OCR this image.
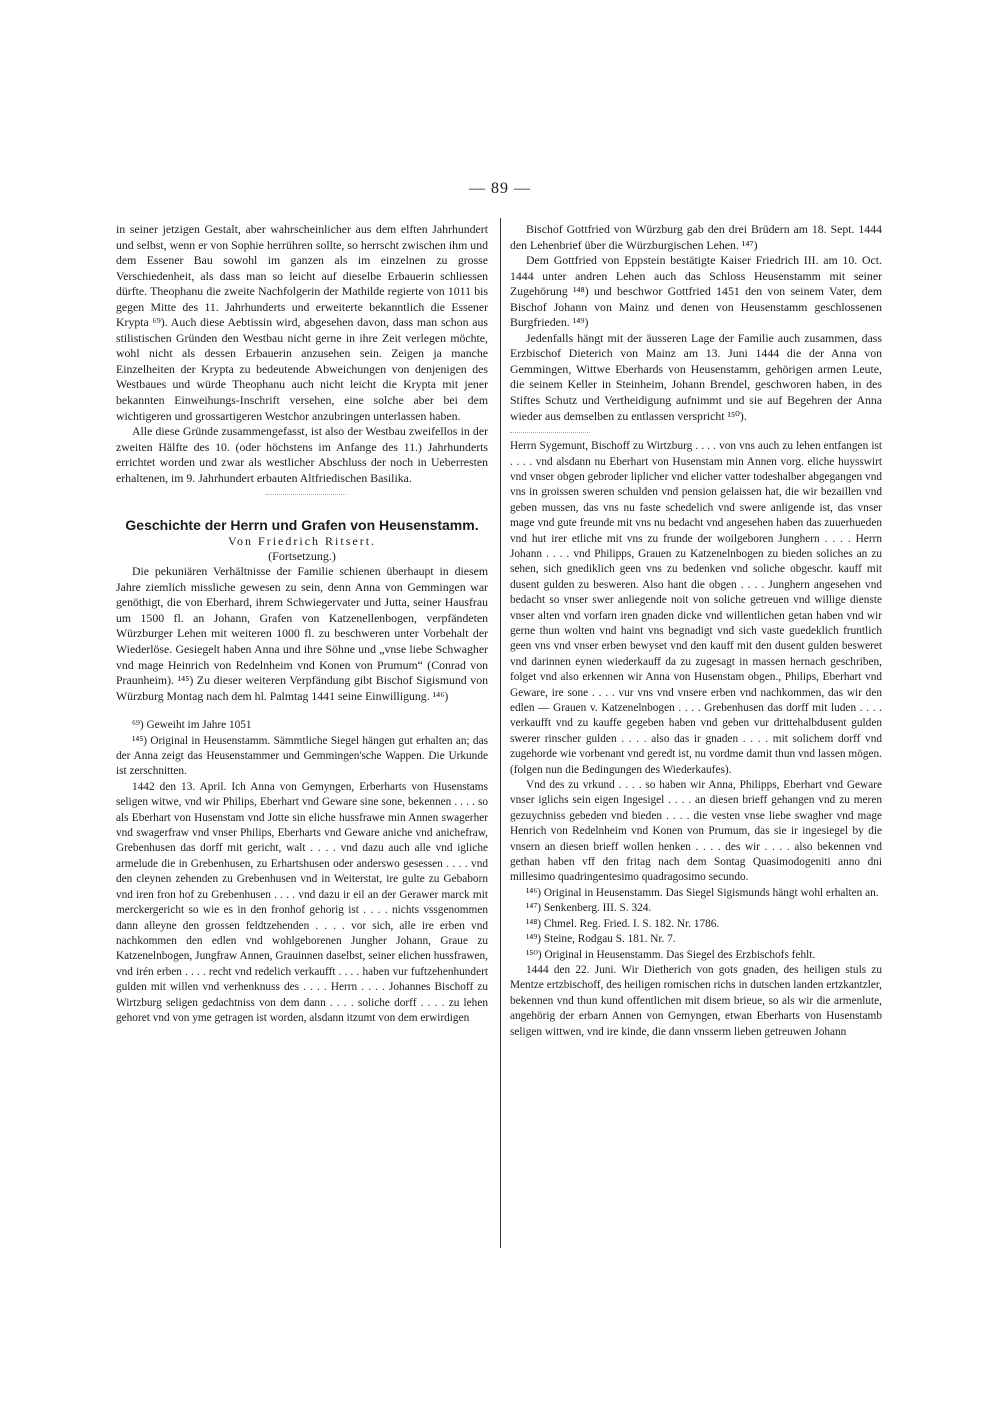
— 89 —

in seiner jetzigen Gestalt, aber wahrscheinlicher aus dem elften Jahrhundert und selbst, wenn er von Sophie herrühren sollte, so herrscht zwischen ihm und dem Essener Bau sowohl im ganzen als im einzelnen zu grosse Verschiedenheit, als dass man so leicht auf dieselbe Erbauerin schliessen dürfte. Theophanu die zweite Nachfolgerin der Mathilde regierte von 1011 bis gegen Mitte des 11. Jahrhunderts und erweiterte bekanntlich die Essener Krypta ⁶⁹). Auch diese Aebtissin wird, abgesehen davon, dass man schon aus stilistischen Gründen den Westbau nicht gerne in ihre Zeit verlegen möchte, wohl nicht als dessen Erbauerin anzusehen sein. Zeigen ja manche Einzelheiten der Krypta zu bedeutende Abweichungen von denjenigen des Westbaues und würde Theophanu auch nicht leicht die Krypta mit jener bekannten Einweihungs-Inschrift versehen, eine solche aber bei dem wichtigeren und grossartigeren Westchor anzubringen unterlassen haben.

Alle diese Gründe zusammengefasst, ist also der Westbau zweifellos in der zweiten Hälfte des 10. (oder höchstens im Anfange des 11.) Jahrhunderts errichtet worden und zwar als westlicher Abschluss der noch in Ueberresten erhaltenen, im 9. Jahrhundert erbauten Altfriedischen Basilika.

Geschichte der Herrn und Grafen von Heusenstamm.
Von Friedrich Ritsert.
(Fortsetzung.)

Die pekuniären Verhältnisse der Familie schienen überhaupt in diesem Jahre ziemlich missliche gewesen zu sein, denn Anna von Gemmingen war genöthigt, die von Eberhard, ihrem Schwiegervater und Jutta, seiner Hausfrau um 1500 fl. an Johann, Grafen von Katzenellenbogen, verpfändeten Würzburger Lehen mit weiteren 1000 fl. zu beschweren unter Vorbehalt der Wiederlöse. Gesiegelt haben Anna und ihre Söhne und „vnse liebe Schwagher vnd mage Heinrich von Redelnheim vnd Konen von Prumum“ (Conrad von Praunheim). ¹⁴⁵) Zu dieser weiteren Verpfändung gibt Bischof Sigismund von Würzburg Montag nach dem hl. Palmtag 1441 seine Einwilligung. ¹⁴⁶)

⁶⁹) Geweiht im Jahre 1051

¹⁴⁵) Original in Heusenstamm. Sämmtliche Siegel hängen gut erhalten an; das der Anna zeigt das Heusenstammer und Gemmingen'sche Wappen. Die Urkunde ist zerschnitten.

1442 den 13. April. Ich Anna von Gemyngen, Erberharts von Husenstams seligen witwe, vnd wir Philips, Eberhart vnd Geware sine sone, bekennen . . . . so als Eberhart von Husenstam vnd Jotte sin eliche hussfrawe min Annen swagerher vnd swagerfraw vnd vnser Philips, Eberharts vnd Geware aniche vnd anichefraw, Grebenhusen das dorff mit gericht, walt . . . . vnd dazu auch alle vnd igliche armelude die in Grebenhusen, zu Erhartshusen oder anderswo gesessen . . . . vnd den cleynen zehenden zu Grebenhusen vnd in Weiterstat, ire gulte zu Gebaborn vnd iren fron hof zu Grebenhusen . . . . vnd dazu ir eil an der Gerawer marck mit merckergericht so wie es in den fronhof gehorig ist . . . . nichts vssgenommen dann alleyne den grossen feldtzehenden . . . . vor sich, alle ire erben vnd nachkommen den edlen vnd wohlgeborenen Jungher Johann, Graue zu Katzenelnbogen, Jungfraw Annen, Grauinnen daselbst, seiner elichen hussfrawen, vnd irén erben . . . . recht vnd redelich verkaufft . . . . haben vur fuftzehenhundert gulden mit willen vnd verhenknuss des . . . . Herrn . . . . Johannes Bischoff zu Wirtzburg seligen gedachtniss von dem dann . . . . soliche dorff . . . . zu lehen gehoret vnd von yme getragen ist worden, alsdann itzumt von dem erwirdigen

Bischof Gottfried von Würzburg gab den drei Brüdern am 18. Sept. 1444 den Lehenbrief über die Würzburgischen Lehen. ¹⁴⁷)

Dem Gottfried von Eppstein bestätigte Kaiser Friedrich III. am 10. Oct. 1444 unter andren Lehen auch das Schloss Heusenstamm mit seiner Zugehörung ¹⁴⁸) und beschwor Gottfried 1451 den von seinem Vater, dem Bischof Johann von Mainz und denen von Heusenstamm geschlossenen Burgfrieden. ¹⁴⁹)

Jedenfalls hängt mit der äusseren Lage der Familie auch zusammen, dass Erzbischof Dieterich von Mainz am 13. Juni 1444 die der Anna von Gemmingen, Wittwe Eberhards von Heusenstamm, gehörigen armen Leute, die seinem Keller in Steinheim, Johann Brendel, geschworen haben, in des Stiftes Schutz und Vertheidigung aufnimmt und sie auf Begehren der Anna wieder aus demselben zu entlassen verspricht ¹⁵⁰).

Herrn Sygemunt, Bischoff zu Wirtzburg . . . . von vns auch zu lehen entfangen ist . . . . vnd alsdann nu Eberhart von Husenstam min Annen vorg. eliche huysswirt vnd vnser obgen gebroder liplicher vnd elicher vatter todeshalber abgegangen vnd vns in groissen sweren schulden vnd pension gelaissen hat, die wir bezaillen vnd geben mussen, das vns nu faste schedelich vnd swere anligende ist, das vnser mage vnd gute freunde mit vns nu bedacht vnd angesehen haben das zuuerhueden vnd hut irer etliche mit vns zu frunde der woilgeboren Junghern . . . . Herrn Johann . . . . vnd Philipps, Grauen zu Katzenelnbogen zu bieden soliches an zu sehen, sich gnediklich geen vns zu bedenken vnd soliche obgeschr. kauff mit dusent gulden zu besweren. Also hant die obgen . . . . Junghern angesehen vnd bedacht so vnser swer anliegende noit von soliche getreuen vnd willige dienste vnser alten vnd vorfarn iren gnaden dicke vnd willentlichen getan haben vnd wir gerne thun wolten vnd haint vns begnadigt vnd sich vaste guedeklich fruntlich geen vns vnd vnser erben bewyset vnd den kauff mit den dusent gulden besweret vnd darinnen eynen wiederkauff da zu zugesagt in massen hernach geschriben, folget vnd also erkennen wir Anna von Husenstam obgen., Philips, Eberhart vnd Geware, ire sone . . . . vur vns vnd vnsere erben vnd nachkommen, das wir den edlen — Grauen v. Katzenelnbogen . . . . Grebenhusen das dorff mit luden . . . . verkaufft vnd zu kauffe gegeben haben vnd geben vur drittehalbdusent gulden swerer rinscher gulden . . . . also das ir gnaden . . . . mit solichem dorff vnd zugehorde wie vorbenant vnd geredt ist, nu vordme damit thun vnd lassen mögen. (folgen nun die Bedingungen des Wiederkaufes).

Vnd des zu vrkund . . . . so haben wir Anna, Philipps, Eberhart vnd Geware vnser iglichs sein eigen Ingesigel . . . . an diesen brieff gehangen vnd zu meren gezuychniss gebeden vnd bieden . . . . die vesten vnse liebe swagher vnd mage Henrich von Redelnheim vnd Konen von Prumum, das sie ir ingesiegel by die vnsern an diesen brieff wollen henken . . . . des wir . . . . also bekennen vnd gethan haben vff den fritag nach dem Sontag Quasimodogeniti anno dni millesimo quadringentesimo quadragosimo secundo.

¹⁴⁶) Original in Heusenstamm. Das Siegel Sigismunds hängt wohl erhalten an.

¹⁴⁷) Senkenberg. III. S. 324.

¹⁴⁸) Chmel. Reg. Fried. I. S. 182. Nr. 1786.

¹⁴⁹) Steine, Rodgau S. 181. Nr. 7.

¹⁵⁰) Original in Heusenstamm. Das Siegel des Erzbischofs fehlt.

1444 den 22. Juni. Wir Dietherich von gots gnaden, des heiligen stuls zu Mentze ertzbischoff, des heiligen romischen richs in dutschen landen ertzkantzler, bekennen vnd thun kund offentlichen mit disem brieue, so als wir die armenlute, angehörig der erbarn Annen von Gemyngen, etwan Eberharts von Husenstamb seligen wittwen, vnd ire kinde, die dann vnsserm lieben getreuwen Johann
